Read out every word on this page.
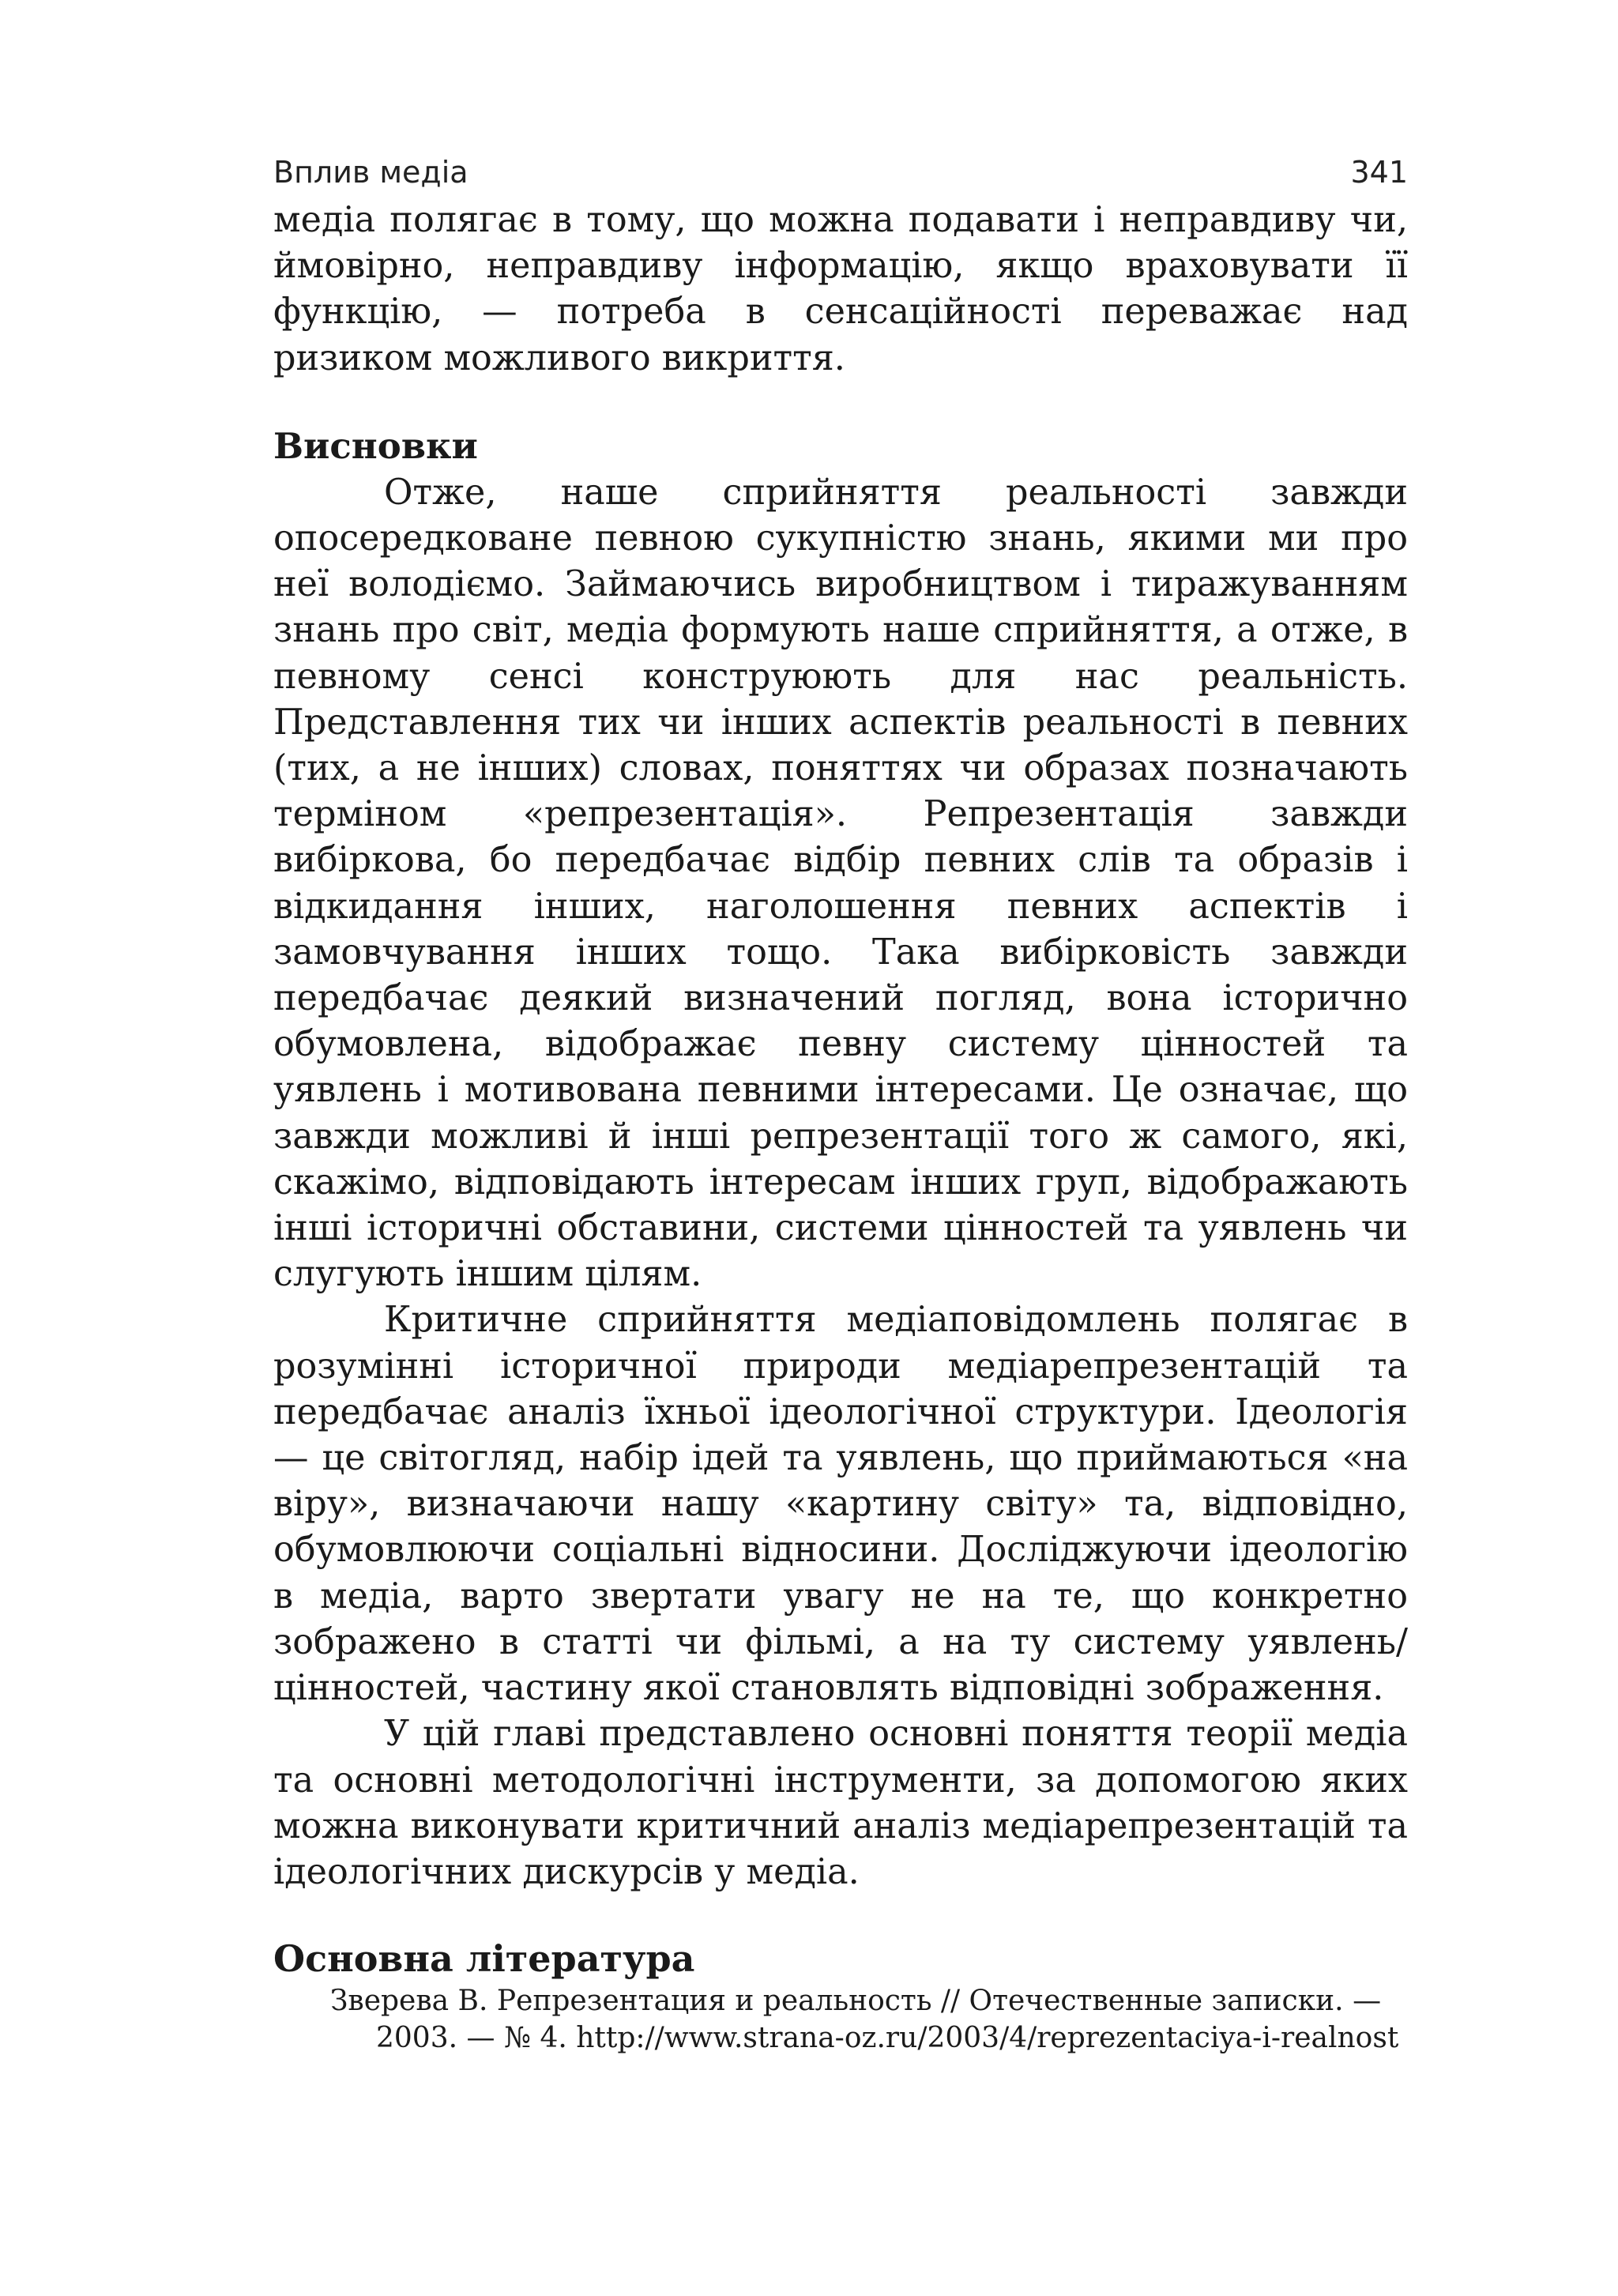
Вплив медіа	341

медіа полягає в тому, що можна подавати і неправдиву чи, ймовірно, неправдиву інформацію, якщо враховувати її функцію, — потреба в сенсаційності переважає над ризиком можливого викриття.

Висновки

Отже, наше сприйняття реальності завжди опосередковане певною сукупністю знань, якими ми про неї володіємо. Займаючись виробництвом і тиражуванням знань про світ, медіа формують наше сприйняття, а отже, в певному сенсі конструюють для нас реальність. Представлення тих чи інших аспектів реальності в певних (тих, а не інших) словах, поняттях чи образах позначають терміном «репрезентація». Репрезентація завжди вибіркова, бо передбачає відбір певних слів та образів і відкидання інших, наголошення певних аспектів і замовчування інших тощо. Така вибірковість завжди передбачає деякий визначений погляд, вона історично обумовлена, відображає певну систему цінностей та уявлень і мотивована певними інтересами. Це означає, що завжди можливі й інші репрезентації того ж самого, які, скажімо, відповідають інтересам інших груп, відображають інші історичні обставини, системи цінностей та уявлень чи слугують іншим цілям.

Критичне сприйняття медіаповідомлень полягає в розумінні історичної природи медіарепрезентацій та передбачає аналіз їхньої ідеологічної структури. Ідеологія — це світогляд, набір ідей та уявлень, що приймаються «на віру», визначаючи нашу «картину світу» та, відповідно, обумовлюючи соціальні відносини. Досліджуючи ідеологію в медіа, варто звертати увагу не на те, що конкретно зображено в статті чи фільмі, а на ту систему уявлень/цінностей, частину якої становлять відповідні зображення.

У цій главі представлено основні поняття теорії медіа та основні методологічні інструменти, за допомогою яких можна виконувати критичний аналіз медіарепрезентацій та ідеологічних дискурсів у медіа.

Основна література
Зверева В. Репрезентация и реальность // Отечественные записки. — 2003. — № 4. http://www.strana-oz.ru/2003/4/reprezentaciya-i-realnost
